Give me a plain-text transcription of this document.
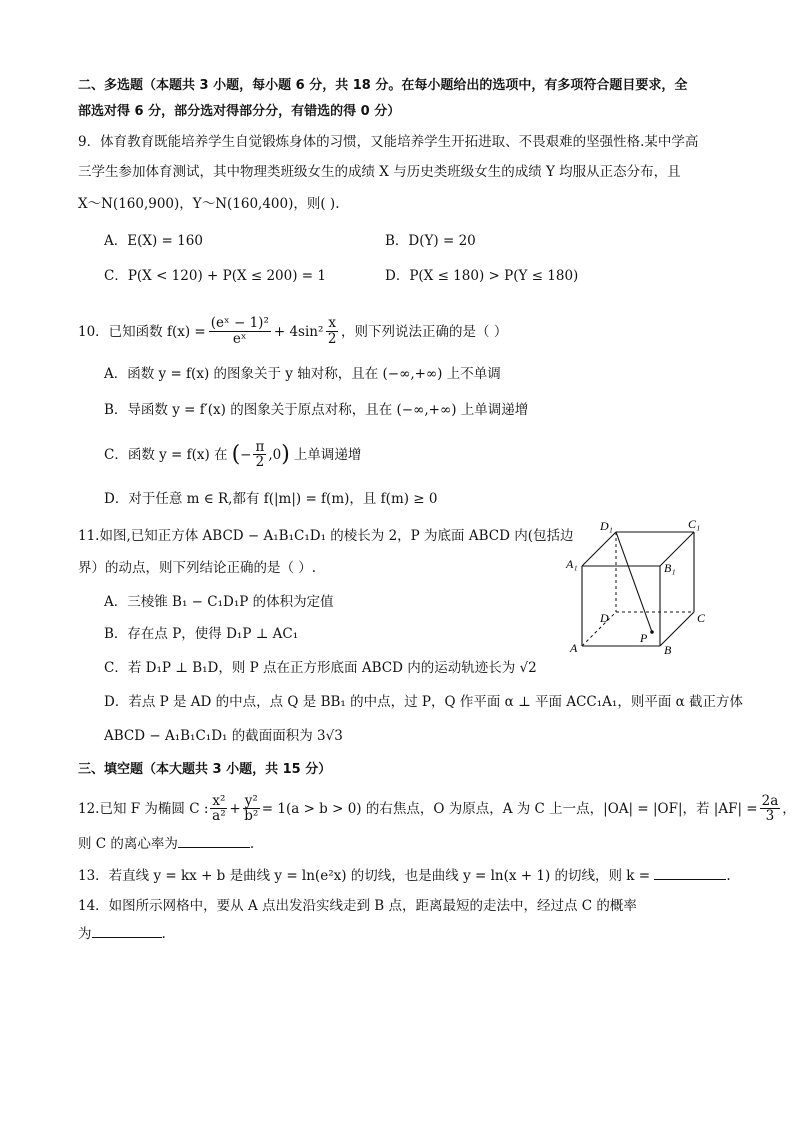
二、多选题（本题共 3 小题，每小题 6 分，共 18 分。在每小题给出的选项中，有多项符合题目要求，全
部选对得 6 分，部分选对得部分分，有错选的得 0 分）
9．体育教育既能培养学生自觉锻炼身体的习惯，又能培养学生开拓进取、不畏艰难的坚强性格.某中学高
三学生参加体育测试，其中物理类班级女生的成绩 X 与历史类班级女生的成绩 Y 均服从正态分布，且
X～N(160,900)，Y～N(160,400)，则( ).
A．E(X) = 160	B．D(Y) = 20
C．P(X < 120) + P(X ≤ 200) = 1	D．P(X ≤ 180) > P(Y ≤ 180)
10．已知函数 $f(x) = \frac{\text{(eˣ − 1)²}}{\text{eˣ}} + 4\sin^2 \frac{x}{2}$ ，则下列说法正确的是（ ）
A．函数 y = f(x) 的图象关于 y 轴对称，且在 (−∞,+∞) 上不单调
B．导函数 y = f′(x) 的图象关于原点对称，且在 (−∞,+∞) 上单调递增
C．函数 y = f(x) 在 ( − $\frac{\pi}{2} ,0$ ) 上单调递增
D．对于任意 m ∈ R,都有 f(|m|) = f(m)，且 f(m) ≥ 0
11.如图,已知正方体 ABCD − A₁B₁C₁D₁ 的棱长为 2，P 为底面 ABCD 内(包括边
界）的动点，则下列结论正确的是（ ）.
A．三棱锥 B₁ − C₁D₁P 的体积为定值
B．存在点 P，使得 D₁P ⊥ AC₁
C．若 D₁P ⊥ B₁D，则 P 点在正方形底面 ABCD 内的运动轨迹长为 √2
D．若点 P 是 AD 的中点，点 Q 是 BB₁ 的中点，过 P，Q 作平面 α ⊥ 平面 ACC₁A₁，则平面 α 截正方体
ABCD − A₁B₁C₁D₁ 的截面面积为 3√3
D₁	C₁
A₁	B₁
D	C
A	B
P
三、填空题（本大题共 3 小题，共 15 分）
12.已知 F 为椭圆 C : $\frac{\text{x²}}{\text{a²}} + \frac{\text{y²}}{\text{b²}} = 1(a > b > 0)$ 的右焦点，O 为原点，A 为 C 上一点，|OA| = |OF|，若 $|AF| = \frac{2a}{3}$ ，
则 C 的离心率为	.
13．若直线 y = kx + b 是曲线 y = ln(e²x) 的切线，也是曲线 y = ln(x + 1) 的切线，则 k =	.
14．如图所示网格中，要从 A 点出发沿实线走到 B 点，距离最短的走法中，经过点 C 的概率
为	.
